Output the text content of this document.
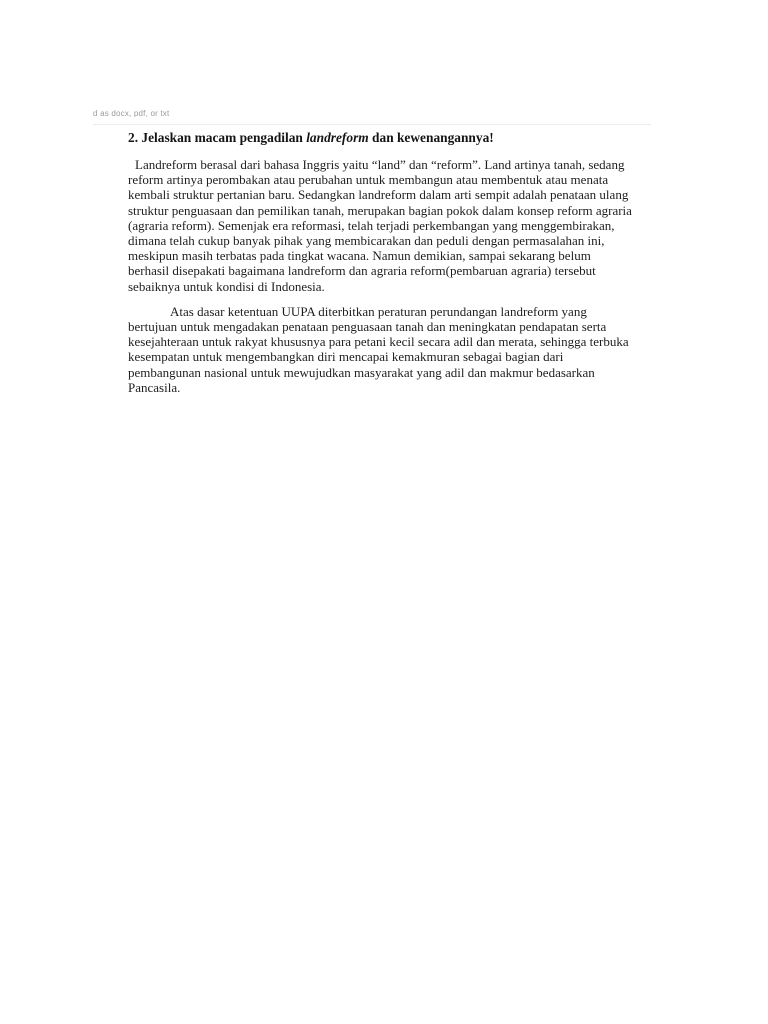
d as docx, pdf, or txt
2. Jelaskan macam pengadilan landreform dan kewenangannya!

Landreform berasal dari bahasa Inggris yaitu “land” dan “reform”. Land artinya tanah, sedang
reform artinya perombakan atau perubahan untuk membangun atau membentuk atau menata
kembali struktur pertanian baru. Sedangkan landreform dalam arti sempit adalah penataan ulang
struktur penguasaan dan pemilikan tanah, merupakan bagian pokok dalam konsep reform agraria
(agraria reform). Semenjak era reformasi, telah terjadi perkembangan yang menggembirakan,
dimana telah cukup banyak pihak yang membicarakan dan peduli dengan permasalahan ini,
meskipun masih terbatas pada tingkat wacana. Namun demikian, sampai sekarang belum
berhasil disepakati bagaimana landreform dan agraria reform(pembaruan agraria) tersebut
sebaiknya untuk kondisi di Indonesia.

Atas dasar ketentuan UUPA diterbitkan peraturan perundangan landreform yang
bertujuan untuk mengadakan penataan penguasaan tanah dan meningkatan pendapatan serta
kesejahteraan untuk rakyat khususnya para petani kecil secara adil dan merata, sehingga terbuka
kesempatan untuk mengembangkan diri mencapai kemakmuran sebagai bagian dari
pembangunan nasional untuk mewujudkan masyarakat yang adil dan makmur bedasarkan
Pancasila.
